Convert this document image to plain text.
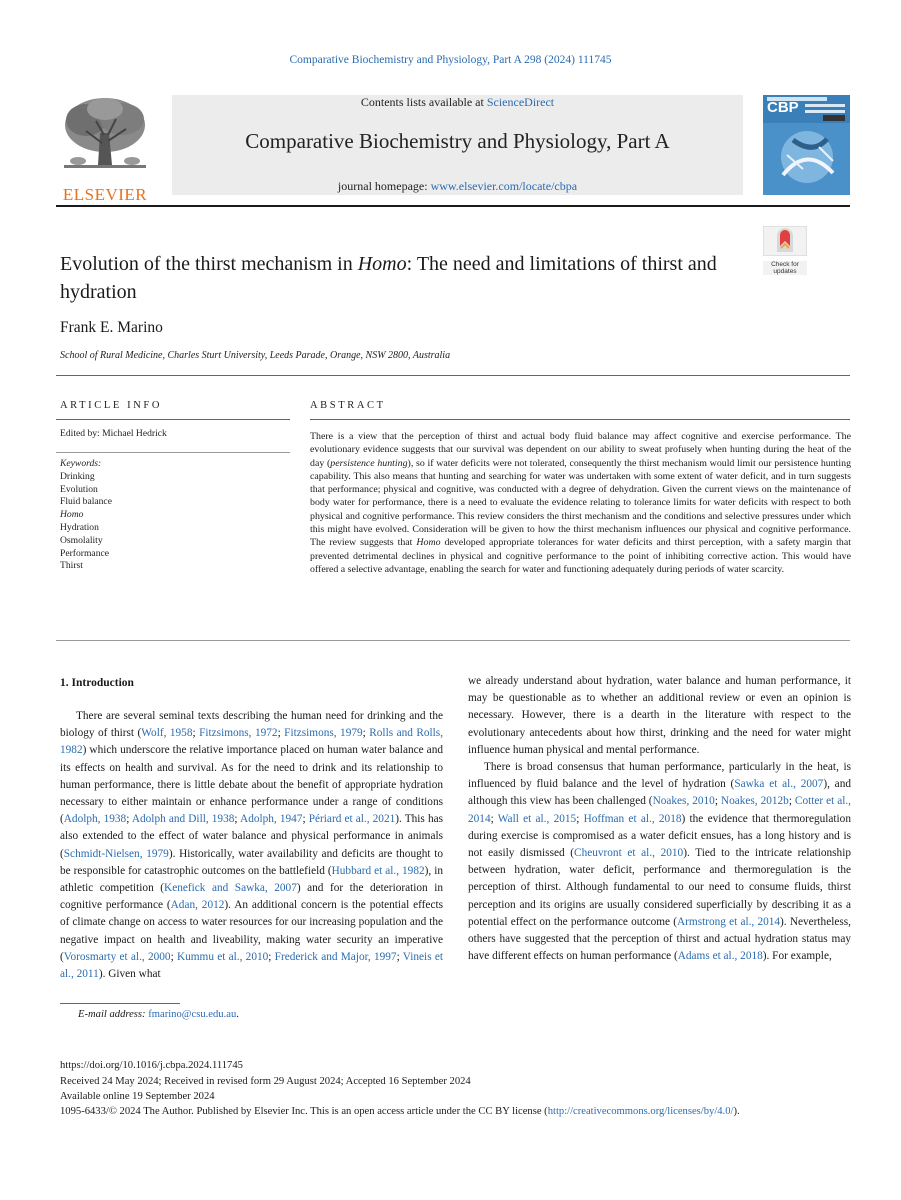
Comparative Biochemistry and Physiology, Part A 298 (2024) 111745
ELSEVIER
Contents lists available at ScienceDirect
Comparative Biochemistry and Physiology, Part A
journal homepage: www.elsevier.com/locate/cbpa
CBP
Evolution of the thirst mechanism in Homo: The need and limitations of thirst and hydration
Check for updates
Frank E. Marino
School of Rural Medicine, Charles Sturt University, Leeds Parade, Orange, NSW 2800, Australia
ARTICLE INFO
Edited by: Michael Hedrick
Keywords:
Drinking
Evolution
Fluid balance
Homo
Hydration
Osmolality
Performance
Thirst
ABSTRACT
There is a view that the perception of thirst and actual body fluid balance may affect cognitive and exercise performance. The evolutionary evidence suggests that our survival was dependent on our ability to sweat profusely when hunting during the heat of the day (persistence hunting), so if water deficits were not tolerated, consequently the thirst mechanism would limit our persistence hunting capability. This also means that hunting and searching for water was undertaken with some extent of water deficit, and in turn suggests that performance; physical and cognitive, was conducted with a degree of dehydration. Given the current views on the maintenance of body water for performance, there is a need to evaluate the evidence relating to tolerance limits for water deficits with respect to both physical and cognitive performance. This review considers the thirst mechanism and the conditions and selective pressures under which this might have evolved. Consideration will be given to how the thirst mechanism influences our physical and cognitive performance. The review suggests that Homo developed appropriate tolerances for water deficits and thirst perception, with a safety margin that prevented detrimental declines in physical and cognitive performance to the point of inhibiting corrective action. This would have offered a selective advantage, enabling the search for water and functioning adequately during periods of water scarcity.
1. Introduction

There are several seminal texts describing the human need for drinking and the biology of thirst (Wolf, 1958; Fitzsimons, 1972; Fitzsimons, 1979; Rolls and Rolls, 1982) which underscore the relative importance placed on human water balance and its effects on health and survival. As for the need to drink and its relationship to human performance, there is little debate about the benefit of appropriate hydration necessary to either maintain or enhance performance under a range of conditions (Adolph, 1938; Adolph and Dill, 1938; Adolph, 1947; Périard et al., 2021). This has also extended to the effect of water balance and physical performance in animals (Schmidt-Nielsen, 1979). Historically, water availability and deficits are thought to be responsible for catastrophic outcomes on the battlefield (Hubbard et al., 1982), in athletic competition (Kenefick and Sawka, 2007) and for the deterioration in cognitive performance (Adan, 2012). An additional concern is the potential effects of climate change on access to water resources for our increasing population and the negative impact on health and liveability, making water security an imperative (Vorosmarty et al., 2000; Kummu et al., 2010; Frederick and Major, 1997; Vineis et al., 2011). Given what

we already understand about hydration, water balance and human performance, it may be questionable as to whether an additional review or even an opinion is necessary. However, there is a dearth in the literature with respect to the evolutionary antecedents about how thirst, drinking and the need for water might influence human physical and mental performance.

There is broad consensus that human performance, particularly in the heat, is influenced by fluid balance and the level of hydration (Sawka et al., 2007), and although this view has been challenged (Noakes, 2010; Noakes, 2012b; Cotter et al., 2014; Wall et al., 2015; Hoffman et al., 2018) the evidence that thermoregulation during exercise is compromised as a water deficit ensues, has a long history and is not easily dismissed (Cheuvront et al., 2010). Tied to the intricate relationship between hydration, water deficit, performance and thermoregulation is the perception of thirst. Although fundamental to our need to consume fluids, thirst perception and its origins are usually considered superficially by describing it as a potential effect on the performance outcome (Armstrong et al., 2014). Nevertheless, others have suggested that the perception of thirst and actual hydration status may have different effects on human performance (Adams et al., 2018). For example,

E-mail address: fmarino@csu.edu.au.
https://doi.org/10.1016/j.cbpa.2024.111745
Received 24 May 2024; Received in revised form 29 August 2024; Accepted 16 September 2024
Available online 19 September 2024
1095-6433/© 2024 The Author. Published by Elsevier Inc. This is an open access article under the CC BY license (http://creativecommons.org/licenses/by/4.0/).
